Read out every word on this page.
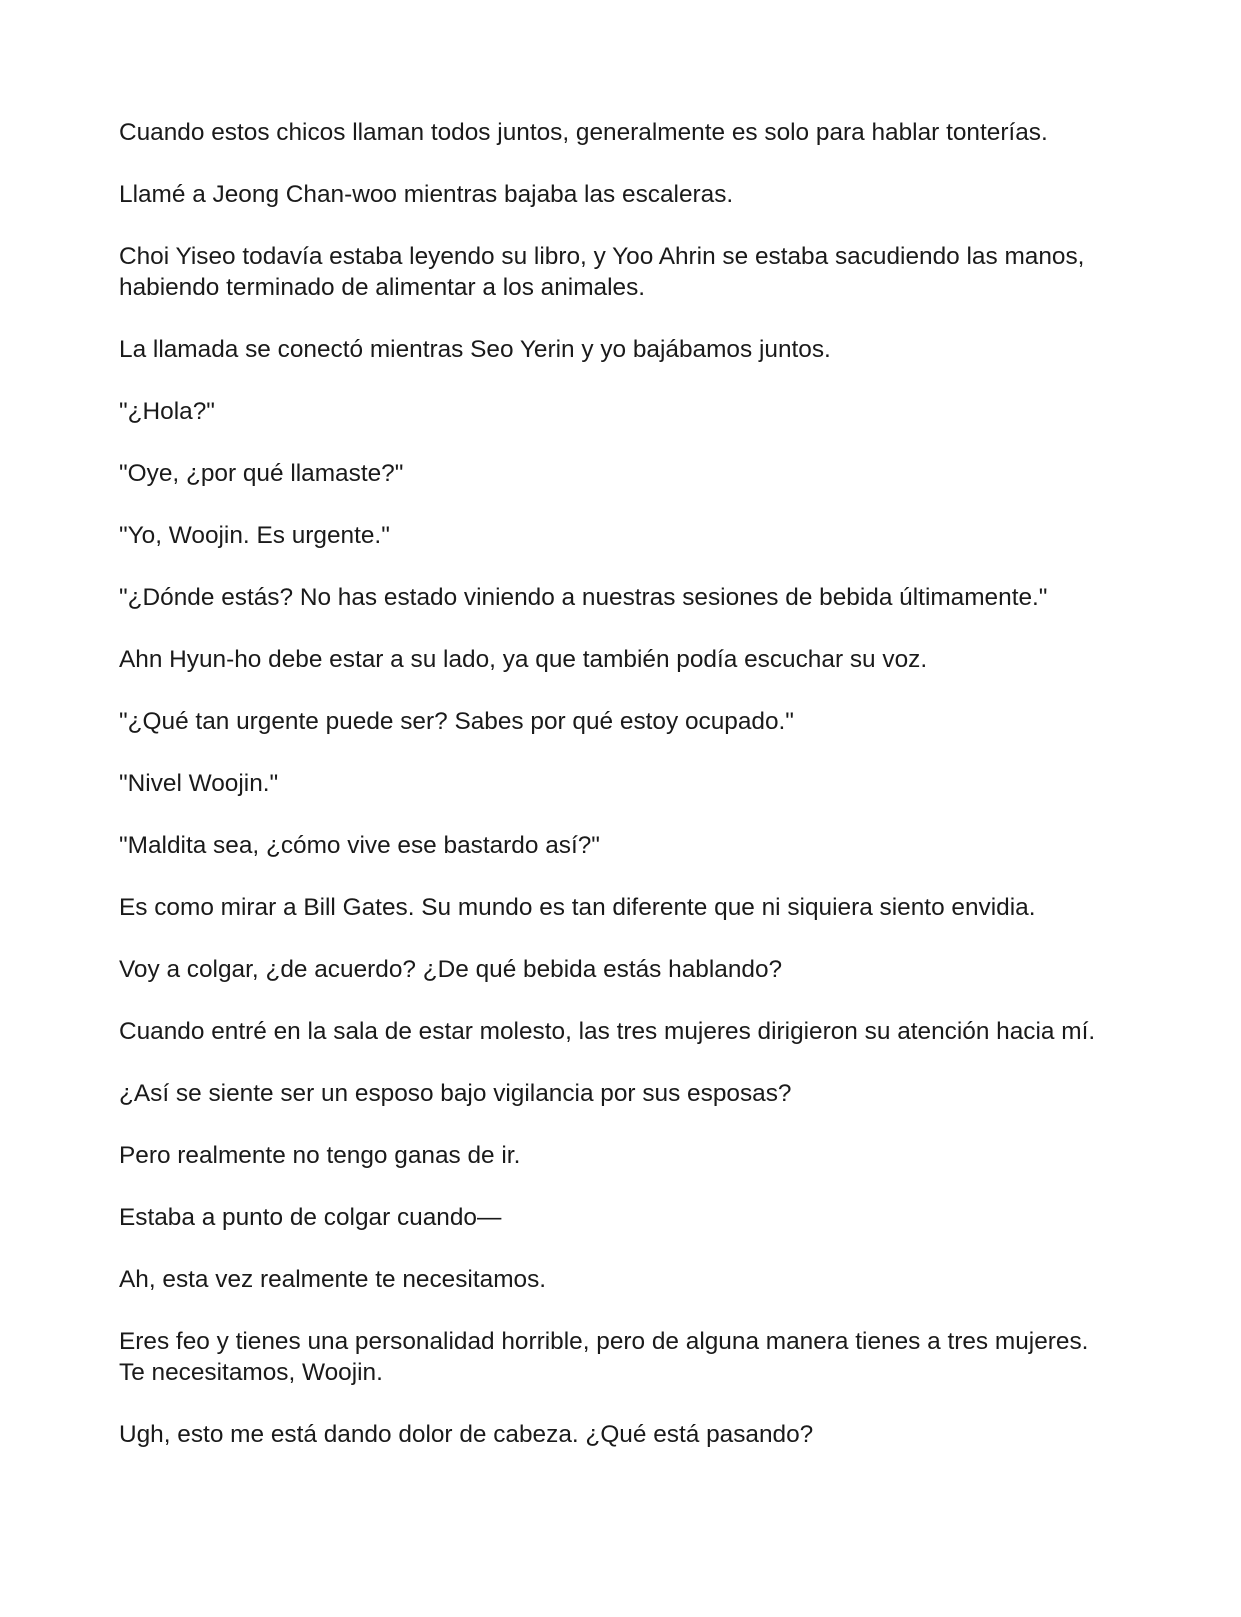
Cuando estos chicos llaman todos juntos, generalmente es solo para hablar tonterías.

Llamé a Jeong Chan-woo mientras bajaba las escaleras.

Choi Yiseo todavía estaba leyendo su libro, y Yoo Ahrin se estaba sacudiendo las manos, habiendo terminado de alimentar a los animales.

La llamada se conectó mientras Seo Yerin y yo bajábamos juntos.

"¿Hola?"

"Oye, ¿por qué llamaste?"

"Yo, Woojin. Es urgente."

"¿Dónde estás? No has estado viniendo a nuestras sesiones de bebida últimamente."

Ahn Hyun-ho debe estar a su lado, ya que también podía escuchar su voz.

"¿Qué tan urgente puede ser? Sabes por qué estoy ocupado."

"Nivel Woojin."

"Maldita sea, ¿cómo vive ese bastardo así?"

Es como mirar a Bill Gates. Su mundo es tan diferente que ni siquiera siento envidia.

Voy a colgar, ¿de acuerdo? ¿De qué bebida estás hablando?

Cuando entré en la sala de estar molesto, las tres mujeres dirigieron su atención hacia mí.

¿Así se siente ser un esposo bajo vigilancia por sus esposas?

Pero realmente no tengo ganas de ir.

Estaba a punto de colgar cuando—

Ah, esta vez realmente te necesitamos.

Eres feo y tienes una personalidad horrible, pero de alguna manera tienes a tres mujeres. Te necesitamos, Woojin.

Ugh, esto me está dando dolor de cabeza. ¿Qué está pasando?
